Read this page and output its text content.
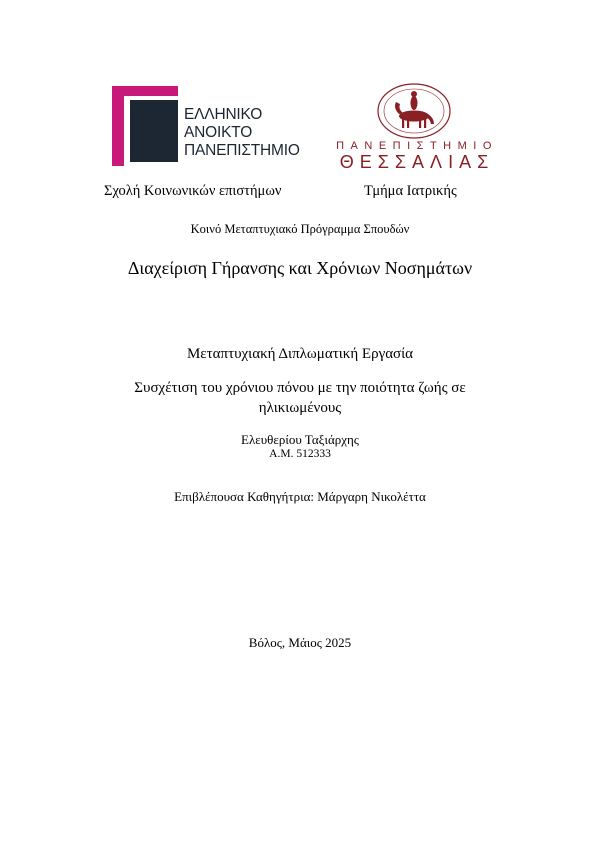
ΕΛΛΗΝΙΚΟ
ΑΝΟΙΚΤΟ
ΠΑΝΕΠΙΣΤΗΜΙΟ	ΠΑΝΕΠΙΣΤΗΜΙΟ
ΘΕΣΣΑΛΙΑΣ
Σχολή Κοινωνικών επιστήμων	Τμήμα Ιατρικής
Κοινό Μεταπτυχιακό Πρόγραμμα Σπουδών
Διαχείριση Γήρανσης και Χρόνιων Νοσημάτων
Μεταπτυχιακή Διπλωματική Εργασία
Συσχέτιση του χρόνιου πόνου με την ποιότητα ζωής σε
ηλικιωμένους
Ελευθερίου Ταξιάρχης
Α.Μ. 512333
Επιβλέπουσα Καθηγήτρια: Μάργαρη Νικολέττα
Βόλος, Μάιος 2025
